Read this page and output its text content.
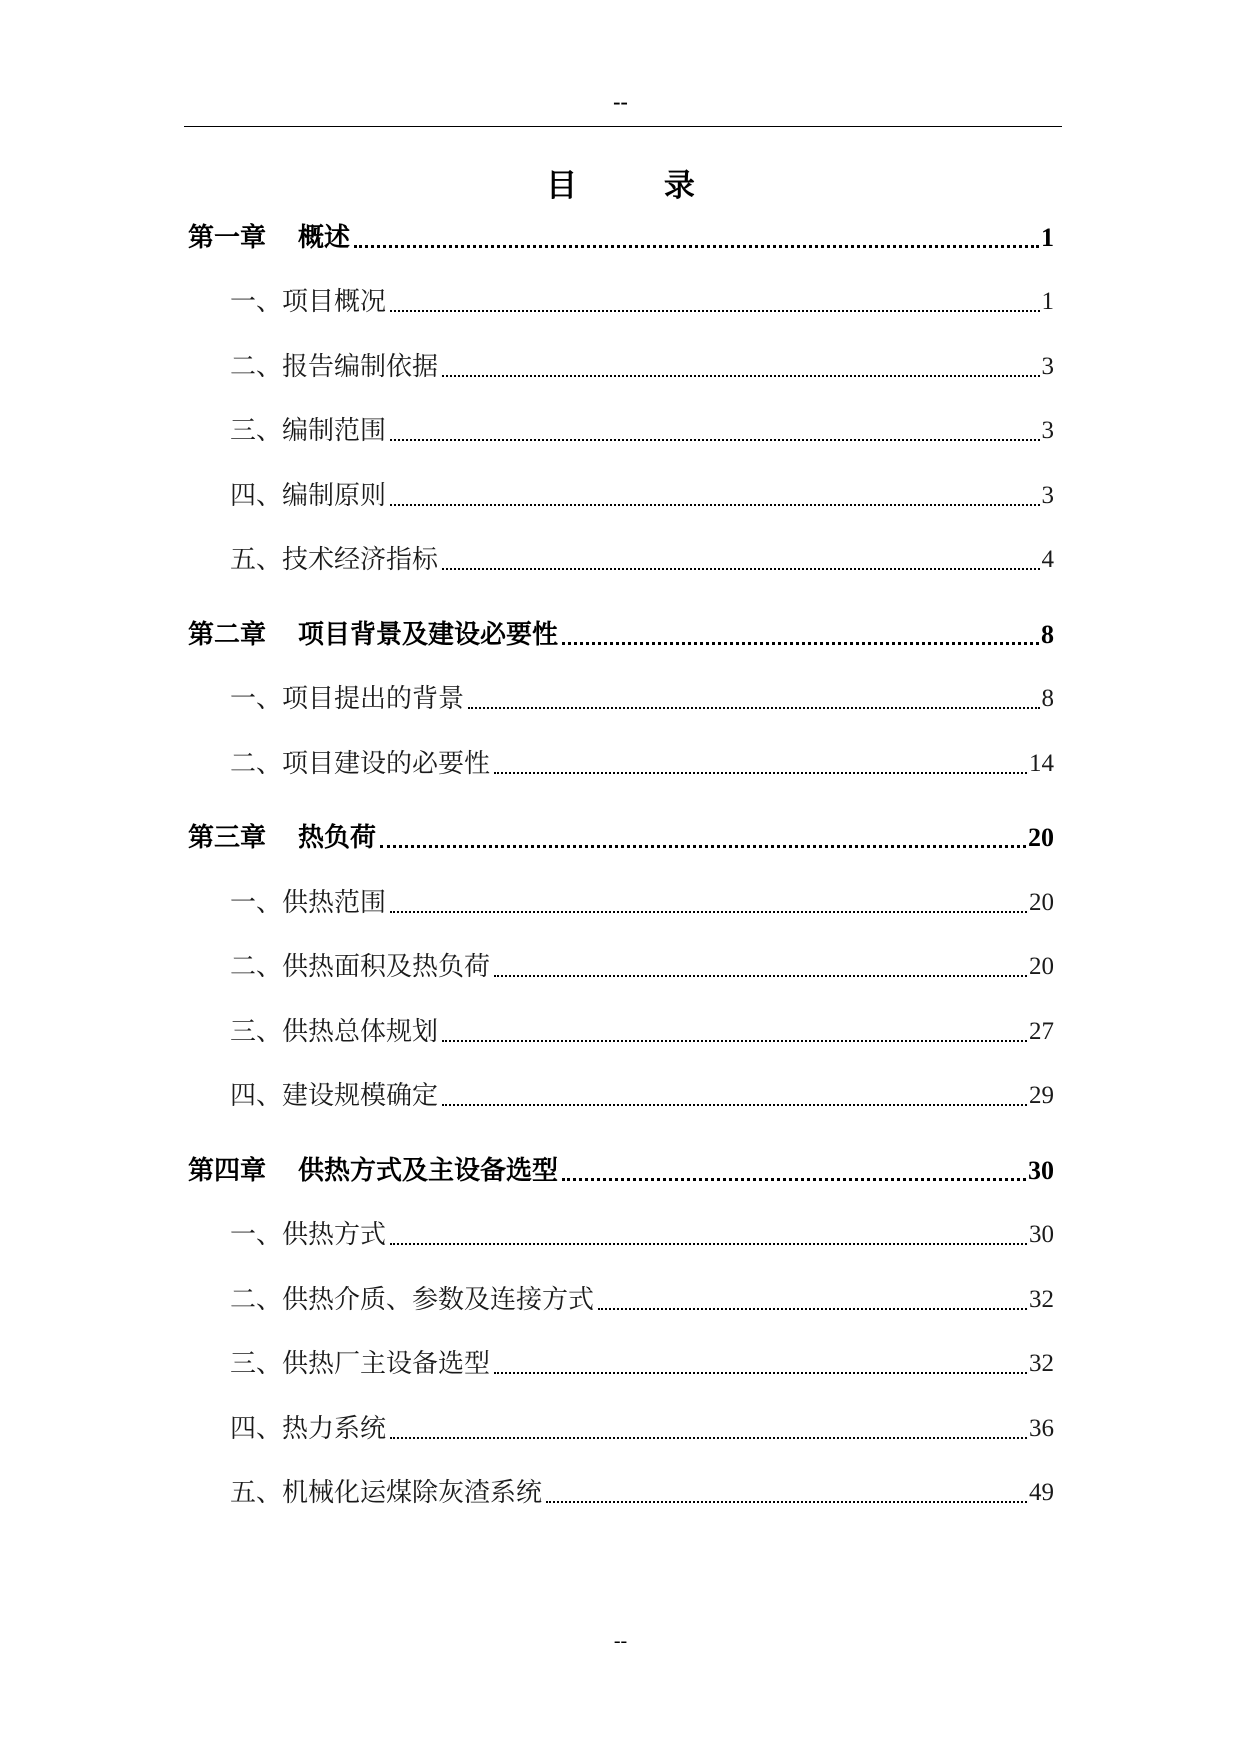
--
目 录
第一章 概述	1
一、 项目概况	1
二、 报告编制依据	3
三、 编制范围	3
四、 编制原则	3
五、 技术经济指标	4
第二章 项目背景及建设必要性	8
一、 项目提出的背景	8
二、 项目建设的必要性	14
第三章 热负荷	20
一、 供热范围	20
二、 供热面积及热负荷	20
三、 供热总体规划	27
四、 建设规模确定	29
第四章 供热方式及主设备选型	30
一、 供热方式	30
二、 供热介质、参数及连接方式	32
三、 供热厂主设备选型	32
四、 热力系统	36
五、 机械化运煤除灰渣系统	49
--
